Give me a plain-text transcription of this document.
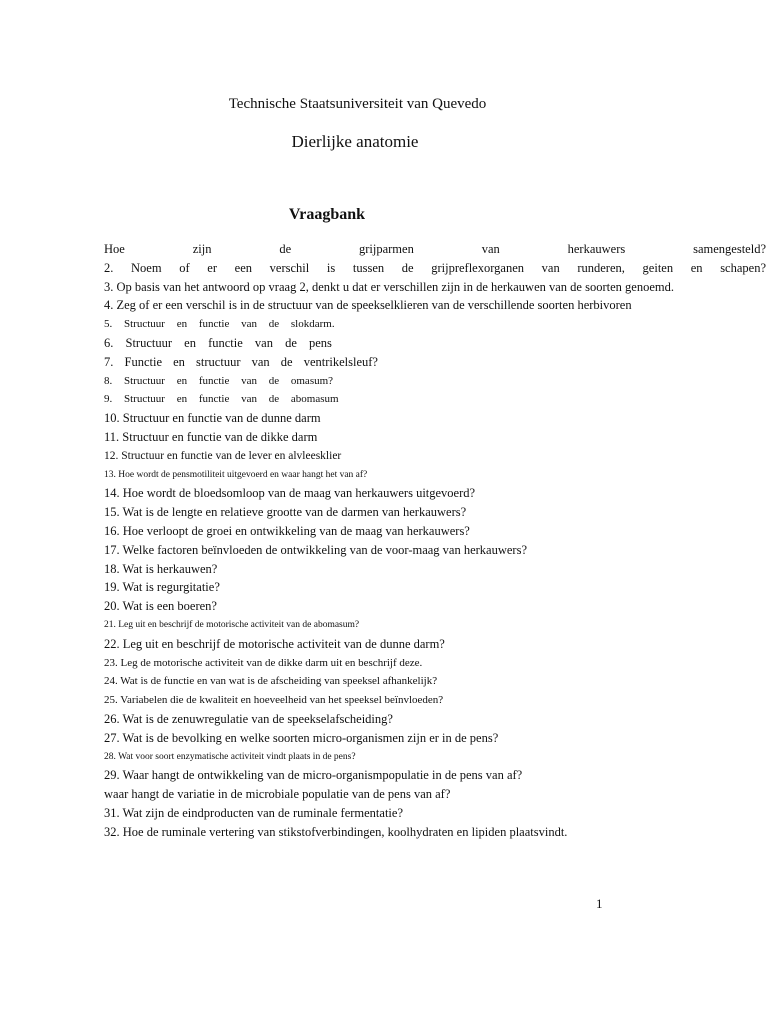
Technische Staatsuniversiteit van Quevedo
Dierlijke anatomie
Vraagbank
Hoe zijn de grijparmen van herkauwers samengesteld?
2. Noem of er een verschil is tussen de grijpreflexorganen van runderen, geiten en schapen?
3. Op basis van het antwoord op vraag 2, denkt u dat er verschillen zijn in de herkauwen van de soorten genoemd.
4. Zeg of er een verschil is in de structuur van de speekselklieren van de verschillende soorten herbivoren
5. Structuur en functie van de slokdarm.
6. Structuur en functie van de pens
7. Functie en structuur van de ventrikelsleuf?
8. Structuur en functie van de omasum?
9. Structuur en functie van de abomasum
10. Structuur en functie van de dunne darm
11. Structuur en functie van de dikke darm
12. Structuur en functie van de lever en alvleesklier
13. Hoe wordt de pensmotiliteit uitgevoerd en waar hangt het van af?
14. Hoe wordt de bloedsomloop van de maag van herkauwers uitgevoerd?
15. Wat is de lengte en relatieve grootte van de darmen van herkauwers?
16. Hoe verloopt de groei en ontwikkeling van de maag van herkauwers?
17. Welke factoren beïnvloeden de ontwikkeling van de voor-maag van herkauwers?
18. Wat is herkauwen?
19. Wat is regurgitatie?
20. Wat is een boeren?
21. Leg uit en beschrijf de motorische activiteit van de abomasum?
22. Leg uit en beschrijf de motorische activiteit van de dunne darm?
23. Leg de motorische activiteit van de dikke darm uit en beschrijf deze.
24. Wat is de functie en van wat is de afscheiding van speeksel afhankelijk?
25. Variabelen die de kwaliteit en hoeveelheid van het speeksel beïnvloeden?
26. Wat is de zenuwregulatie van de speekselafscheiding?
27. Wat is de bevolking en welke soorten micro-organismen zijn er in de pens?
28. Wat voor soort enzymatische activiteit vindt plaats in de pens?
29. Waar hangt de ontwikkeling van de micro-organismpopulatie in de pens van af?
waar hangt de variatie in de microbiale populatie van de pens van af?
31. Wat zijn de eindproducten van de ruminale fermentatie?
32. Hoe de ruminale vertering van stikstofverbindingen, koolhydraten en lipiden plaatsvindt.
1
